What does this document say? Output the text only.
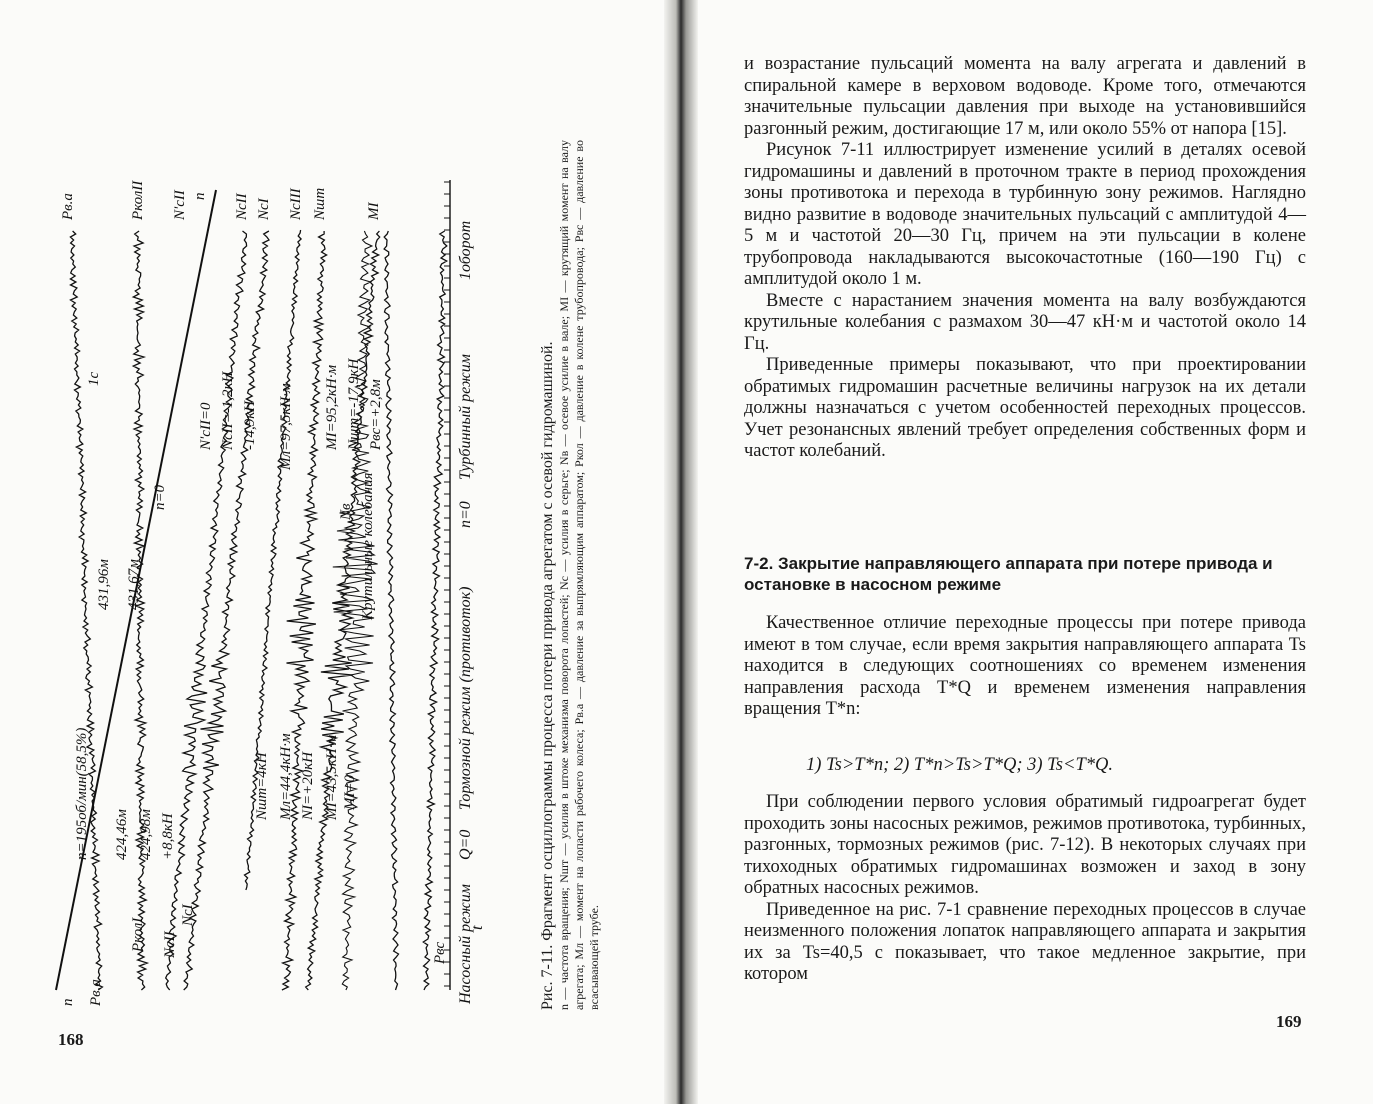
n Pв.а
PколI NсII
NсI
Pвс
Pв.а	PколII N'сII n NсII NсI NсIII Nшт	MI
Nв
n=195об/мин(58,5%) 424,46м 424,98м
431,96м 431,67м
n=0
+8,8кН
N'сII=0 NсII=-1,2кН -14,9кН
Nшт=4кН Mл=44,4кН·м
Mл=97,5кН·м
NI=+20кН MI=43,5кН·м MI=0
MI=95,2кН·м Nшт=-17,9кН Pвс=+2,8м
Крутильные колебания
1с
Насосный режим
Q=0
Тормозной режим (противоток)
n=0
Турбинный режим
1оборот
t	Рис. 7-11. Фрагмент осциллограммы процесса потери привода агрегатом с осевой гидромашиной. n — частота вращения; Nшт — усилия в штоке механизма поворота лопастей; Nс — усилия в серьге; Nв — осевое усилие в вале; MI — крутящий момент на валу агрегата; Mл — момент на лопасти рабочего колеса; Pв.а — давление за выпрямляющим аппаратом; Pкол — давление в колене трубопровода; Pвс — давление во всасывающей трубе.
168

и возрастание пульсаций момента на валу агрегата и давлений в спиральной камере в верховом водоводе. Кроме того, отмечаются значительные пульсации давления при выходе на установившийся разгонный режим, достигающие 17 м, или около 55% от напора [15].

Рисунок 7-11 иллюстрирует изменение усилий в деталях осевой гидромашины и давлений в проточном тракте в период прохождения зоны противотока и перехода в турбинную зону режимов. Наглядно видно развитие в водоводе значительных пульсаций с амплитудой 4—5 м и частотой 20—30 Гц, причем на эти пульсации в колене трубопровода накладываются высокочастотные (160—190 Гц) с амплитудой около 1 м.

Вместе с нарастанием значения момента на валу возбуждаются крутильные колебания с размахом 30—47 кН·м и частотой около 14 Гц.

Приведенные примеры показывают, что при проектировании обратимых гидромашин расчетные величины нагрузок на их детали должны назначаться с учетом особенностей переходных процессов. Учет резонансных явлений требует определения собственных форм и частот колебаний.

7-2. Закрытие направляющего аппарата при потере привода и остановке в насосном режиме

Качественное отличие переходные процессы при потере привода имеют в том случае, если время закрытия направляющего аппарата Ts находится в следующих соотношениях со временем изменения направления расхода T*Q и временем изменения направления вращения T*n:

1) Ts>T*n; 2) T*n>Ts>T*Q; 3) Ts<T*Q.

При соблюдении первого условия обратимый гидроагрегат будет проходить зоны насосных режимов, режимов противотока, турбинных, разгонных, тормозных режимов (рис. 7-12). В некоторых случаях при тихоходных обратимых гидромашинах возможен и заход в зону обратных насосных режимов.

Приведенное на рис. 7-1 сравнение переходных процессов в случае неизменного положения лопаток направляющего аппарата и закрытия их за Ts=40,5 с показывает, что такое медленное закрытие, при котором

169
